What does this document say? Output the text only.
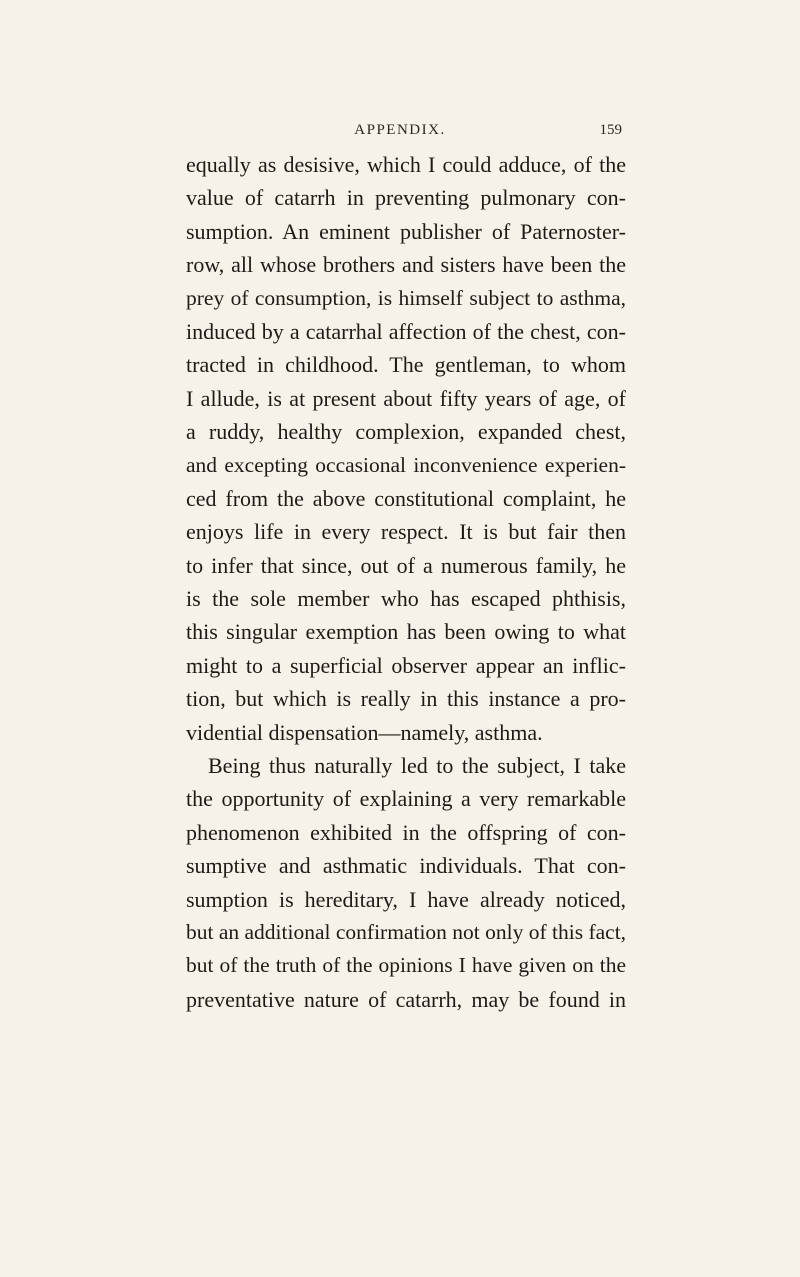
APPENDIX.	159
equally as desisive, which I could adduce, of the
value of catarrh in preventing pulmonary con-
sumption. An eminent publisher of Paternoster-
row, all whose brothers and sisters have been the
prey of consumption, is himself subject to asthma,
induced by a catarrhal affection of the chest, con-
tracted in childhood. The gentleman, to whom
I allude, is at present about fifty years of age, of
a ruddy, healthy complexion, expanded chest,
and excepting occasional inconvenience experien-
ced from the above constitutional complaint, he
enjoys life in every respect. It is but fair then
to infer that since, out of a numerous family, he
is the sole member who has escaped phthisis,
this singular exemption has been owing to what
might to a superficial observer appear an inflic-
tion, but which is really in this instance a pro-
vidential dispensation—namely, asthma.
Being thus naturally led to the subject, I take
the opportunity of explaining a very remarkable
phenomenon exhibited in the offspring of con-
sumptive and asthmatic individuals. That con-
sumption is hereditary, I have already noticed,
but an additional confirmation not only of this fact,
but of the truth of the opinions I have given on the
preventative nature of catarrh, may be found in
